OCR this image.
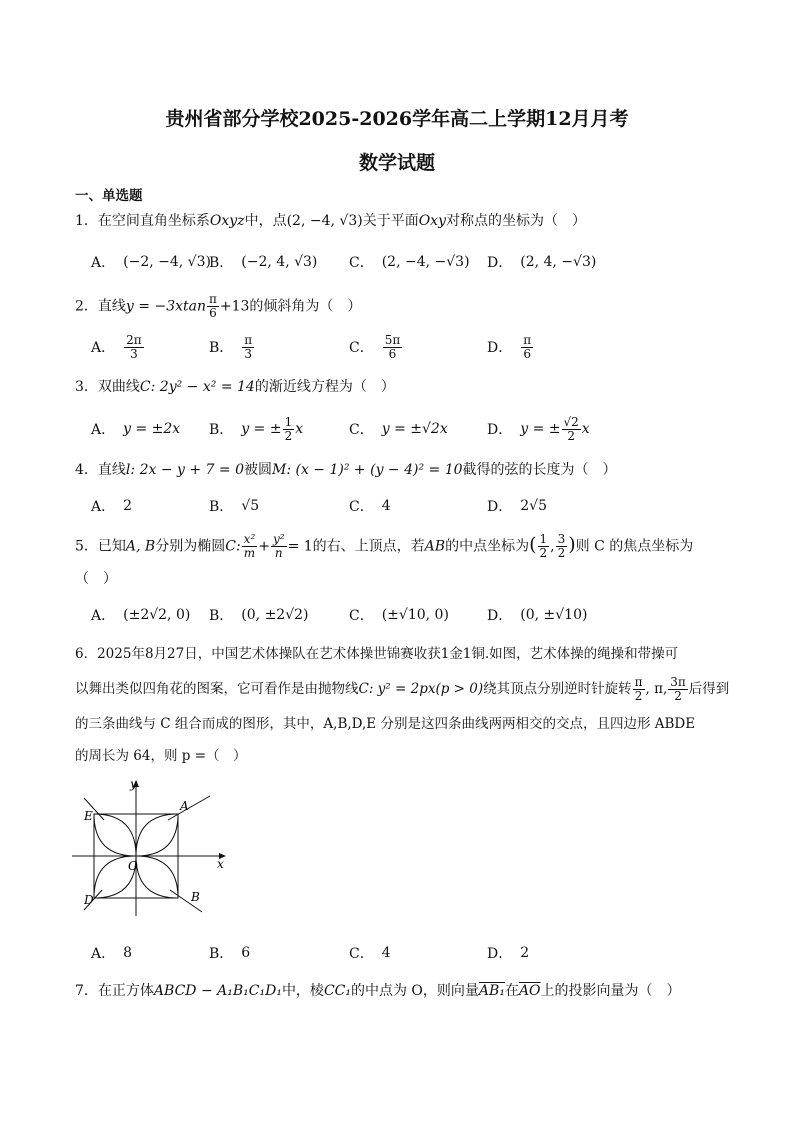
贵州省部分学校2025-2026学年高二上学期12月月考
数学试题
一、单选题
1．在空间直角坐标系Oxyz中，点(2, −4, √3)关于平面Oxy对称点的坐标为（　）
A． (−2, −4, √3)
B． (−2, 4, √3) C． (2, −4, −√3) D． (2, 4, −√3)
2．直线$y = -3xtan \frac{\pi}{6} +13$的倾斜角为（　）
A． $\frac{2\pi}{3}$	B． $\frac{\pi}{3}$	C． $\frac{5\pi}{6}$	D． $\frac{\pi}{6}$
3．双曲线C: 2y² − x² = 14的渐近线方程为（　）
A． y = ±2x B． y = ± $\frac{1}{2}$ x	C． y = ±√2x	D． y = ± $\frac{√2}{2}$ x
4．直线l: 2x − y + 7 = 0被圆M: (x − 1)² + (y − 4)² = 10截得的弦的长度为（　）
A． 2	B． √5	C． 4	D． 2√5
5．已知A, B分别为椭圆C: $\frac{\text{x²}}{m} + \frac{\text{y²}}{n} = 1$的右、上顶点，若AB的中点坐标为( $\frac{1}{2}$ , $\frac{3}{2}$ )则 C 的焦点坐标为
（　）
A． (±2√2, 0) B． (0, ±2√2)	C． (±√10, 0)	D． (0, ±√10)
6．2025年8月27日，中国艺术体操队在艺术体操世锦赛收获1金1铜.如图，艺术体操的绳操和带操可
以舞出类似四角花的图案，它可看作是由抛物线C: y² = 2px(p > 0)绕其顶点分别逆时针旋转 $\frac{\pi}{2}$ , π, $\frac{3\pi}{2}$ 后得到
的三条曲线与 C 组合而成的图形，其中，A,B,D,E 分别是这四条曲线两两相交的交点，且四边形 ABDE
的周长为 64，则 p =（　）
y
x
O
A
B
D
E
A． 8	B． 6	C． 4	D． 2
7．在正方体ABCD − A₁B₁C₁D₁中，棱CC₁的中点为 O，则向量AB₁在$\overline{AO}$上的投影向量为（　）
